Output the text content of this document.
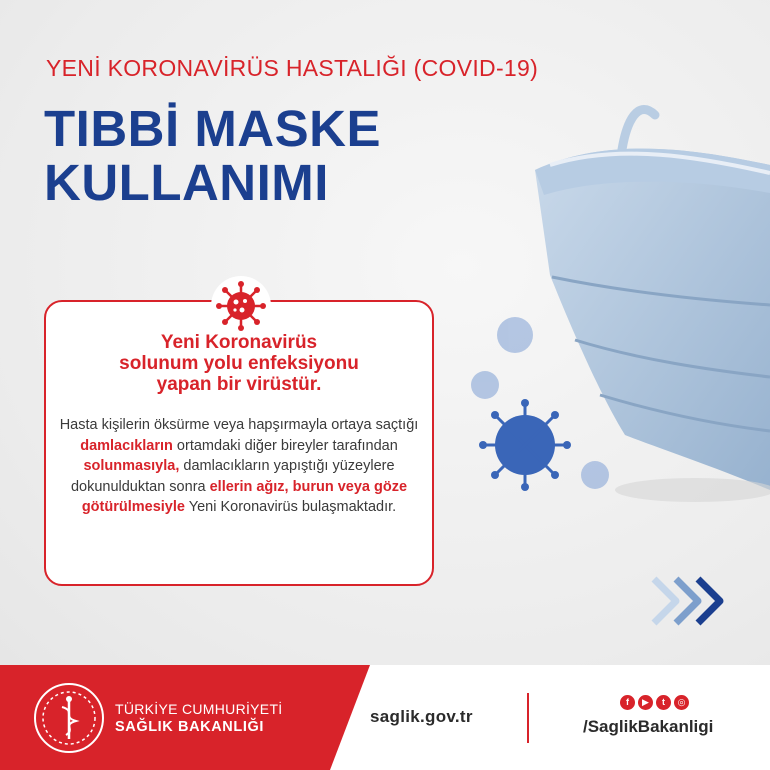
YENİ KORONAVİRÜS HASTALIĞI (COVID-19)
TIBBİ MASKE
KULLANIMI
Yeni Koronavirüs
solunum yolu enfeksiyonu
yapan bir virüstür.
Hasta kişilerin öksürme veya hapşırmayla ortaya saçtığı damlacıkların ortamdaki diğer bireyler tarafından solunmasıyla, damlacıkların yapıştığı yüzeylere dokunulduktan sonra ellerin ağız, burun veya göze götürülmesiyle Yeni Koronavirüs bulaşmaktadır.
TÜRKİYE CUMHURİYETİ
SAĞLIK BAKANLIĞI
saglik.gov.tr
f ▶ t ◎
/SaglikBakanligi
